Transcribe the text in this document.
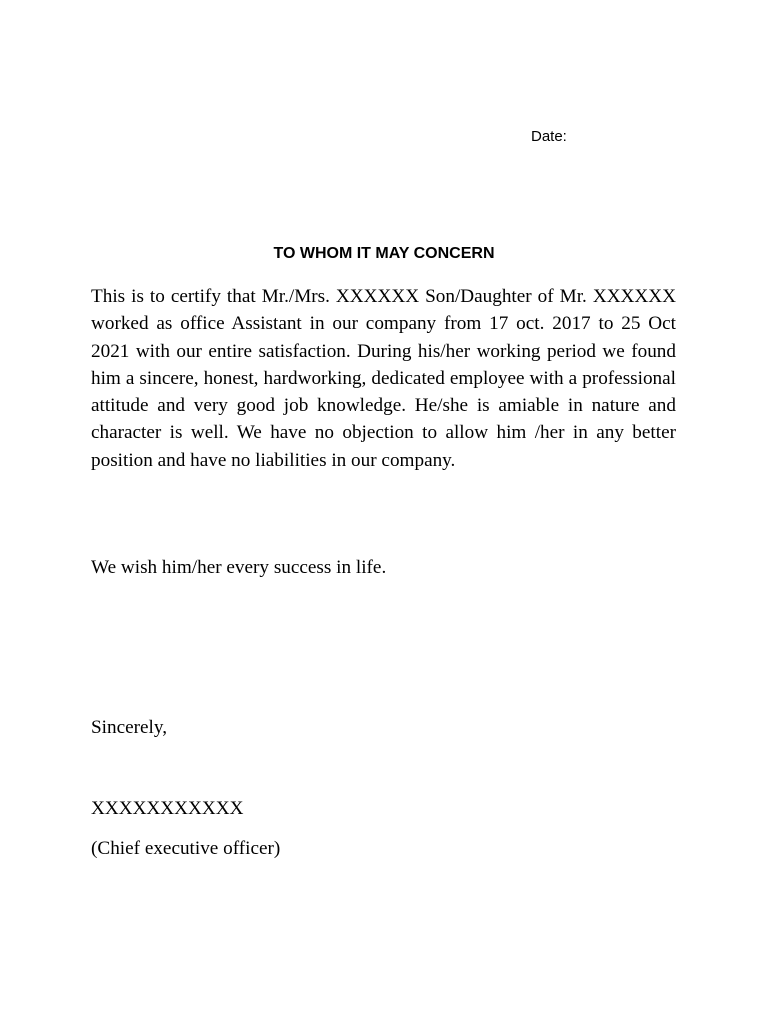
Date:
TO WHOM IT MAY CONCERN

This is to certify that Mr./Mrs. XXXXXX Son/Daughter of Mr. XXXXXX worked as office Assistant in our company from 17 oct. 2017 to 25 Oct 2021 with our entire satisfaction. During his/her working period we found him a sincere, honest, hardworking, dedicated employee with a professional attitude and very good job knowledge. He/she is amiable in nature and character is well. We have no objection to allow him /her in any better position and have no liabilities in our company.

We wish him/her every success in life.
Sincerely,
XXXXXXXXXXX
(Chief executive officer)
